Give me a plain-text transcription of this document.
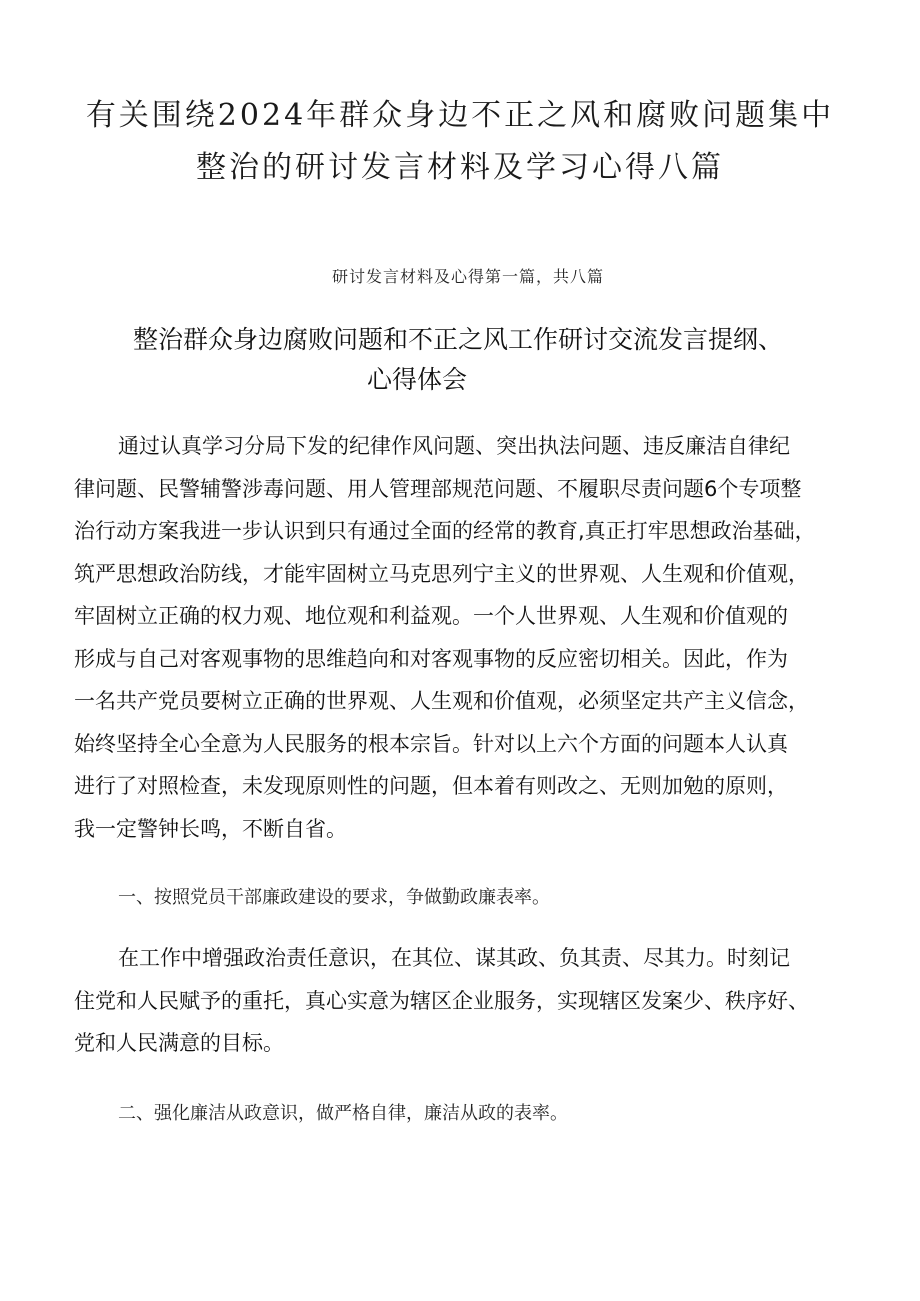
有关围绕2024年群众身边不正之风和腐败问题集中
整治的研讨发言材料及学习心得八篇
研讨发言材料及心得第一篇，共八篇
整治群众身边腐败问题和不正之风工作研讨交流发言提纲、
心得体会
通过认真学习分局下发的纪律作风问题、突出执法问题、违反廉洁自律纪
律问题、民警辅警涉毒问题、用人管理部规范问题、不履职尽责问题6个专项整
治行动方案我进一步认识到只有通过全面的经常的教育,真正打牢思想政治基础，
筑严思想政治防线，才能牢固树立马克思列宁主义的世界观、人生观和价值观，
牢固树立正确的权力观、地位观和利益观。一个人世界观、人生观和价值观的
形成与自己对客观事物的思维趋向和对客观事物的反应密切相关。因此，作为
一名共产党员要树立正确的世界观、人生观和价值观，必须坚定共产主义信念，
始终坚持全心全意为人民服务的根本宗旨。针对以上六个方面的问题本人认真
进行了对照检查，未发现原则性的问题，但本着有则改之、无则加勉的原则，
我一定警钟长鸣，不断自省。
一、按照党员干部廉政建设的要求，争做勤政廉表率。
在工作中增强政治责任意识，在其位、谋其政、负其责、尽其力。时刻记
住党和人民赋予的重托，真心实意为辖区企业服务，实现辖区发案少、秩序好、
党和人民满意的目标。
二、强化廉洁从政意识，做严格自律，廉洁从政的表率。
